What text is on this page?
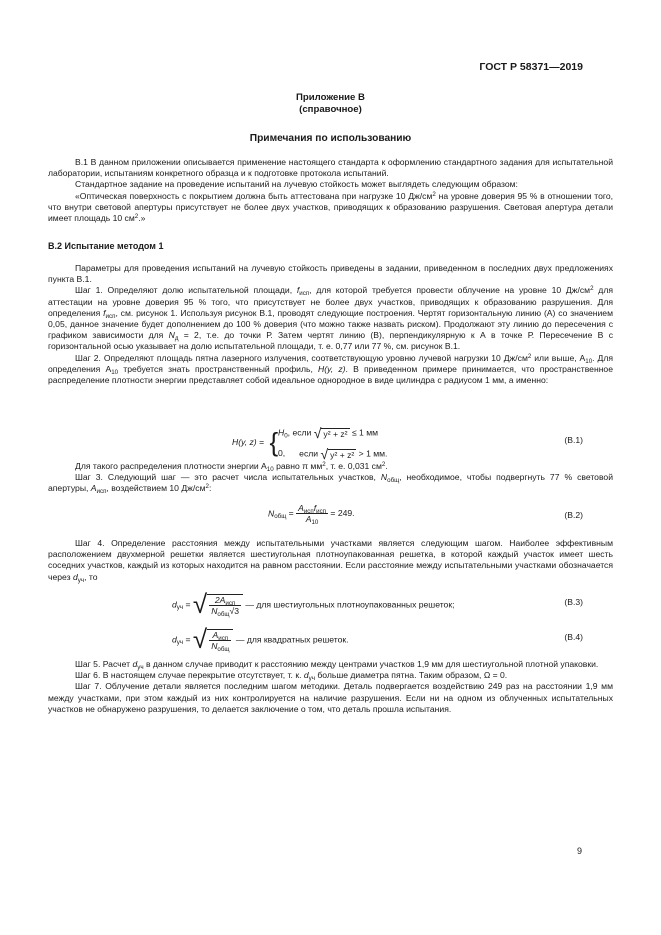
ГОСТ Р 58371—2019
Приложение В
(справочное)
Примечания по использованию

В.1 В данном приложении описывается применение настоящего стандарта к оформлению стандартного задания для испытательной лаборатории, испытаниям конкретного образца и к подготовке протокола испытаний.

Стандартное задание на проведение испытаний на лучевую стойкость может выглядеть следующим образом:

«Оптическая поверхность с покрытием должна быть аттестована при нагрузке 10 $Дж/см^2$ на уровне доверия 95 % в отношении того, что внутри световой апертуры присутствует не более двух участков, приводящих к образованию разрушения. Световая апертура детали имеет площадь 10 $см^2$.»

В.2 Испытание методом 1

Параметры для проведения испытаний на лучевую стойкость приведены в задании, приведенном в последних двух предложениях пункта В.1.

Шаг 1. Определяют долю испытательной площади, $f_{исп}$, для которой требуется провести облучение на уровне 10 $Дж/см^2$ для аттестации на уровне доверия 95 % того, что присутствует не более двух участков, приводящих к образованию разрушения. Для определения $f_{исп}$, см. рисунок 1. Используя рисунок В.1, проводят следующие построения. Чертят горизонтальную линию (А) со значением 0,05, данное значение будет дополнением до 100 % доверия (что можно также назвать риском). Продолжают эту линию до пересечения с графиком зависимости для $N_д = 2$, т.е. до точки Р. Затем чертят линию (В), перпендикулярную к А в точке Р. Пересечение В с горизонтальной осью указывает на долю испытательной площади, т. е. 0,77 или 77 %, см. рисунок В.1.

Шаг 2. Определяют площадь пятна лазерного излучения, соответствующую уровню лучевой нагрузки 10 $Дж/см^2$ или выше, $A_{10}$. Для определения $A_{10}$ требуется знать пространственный профиль, H(y, z). В приведенном примере принимается, что пространственное распределение плотности энергии представляет собой идеальное однородное в виде цилиндра с радиусом 1 мм, а именно:

H(y, z) = { $H_0$, если √ y² + z² ≤ 1 мм
0, если √ y² + z² > 1 мм.
(В.1)

Для такого распределения плотности энергии $A_{10}$ равно π $мм^2$, т. е. 0,031 $см^2$.

Шаг 3. Следующий шаг — это расчет числа испытательных участков, $N_{общ}$, необходимое, чтобы подвергнуть 77 % световой апертуры, $A_{исп}$, воздействием 10 $Дж/см^2$:

$N_{общ} = \frac{A_{исп}f_{исп}}{A_{10}} = 249$.	(В.2)

Шаг 4. Определение расстояния между испытательными участками является следующим шагом. Наиболее эффективным расположением двухмерной решетки является шестиугольная плотноупакованная решетка, в которой каждый участок имеет шесть соседних участков, каждый из которых находится на равном расстоянии. Если расстояние между испытательными участками обозначается через $d_{уч}$, то

$d_{уч}$ = √ $\frac{2A_{исп}}{N_{общ}√3}$ — для шестиугольных плотноупакованных решеток;	(В.3)
$d_{уч}$ = √ $\frac{A_{исп}}{N_{общ}}$ — для квадратных решеток.	(В.4)

Шаг 5. Расчет $d_{уч}$ в данном случае приводит к расстоянию между центрами участков 1,9 мм для шестиугольной плотной упаковки.

Шаг 6. В настоящем случае перекрытие отсутствует, т. к. $d_{уч}$ больше диаметра пятна. Таким образом, Ω = 0.

Шаг 7. Облучение детали является последним шагом методики. Деталь подвергается воздействию 249 раз на расстоянии 1,9 мм между участками, при этом каждый из них контролируется на наличие разрушения. Если ни на одном из облученных испытательных участков не обнаружено разрушения, то делается заключение о том, что деталь прошла испытания.

9
